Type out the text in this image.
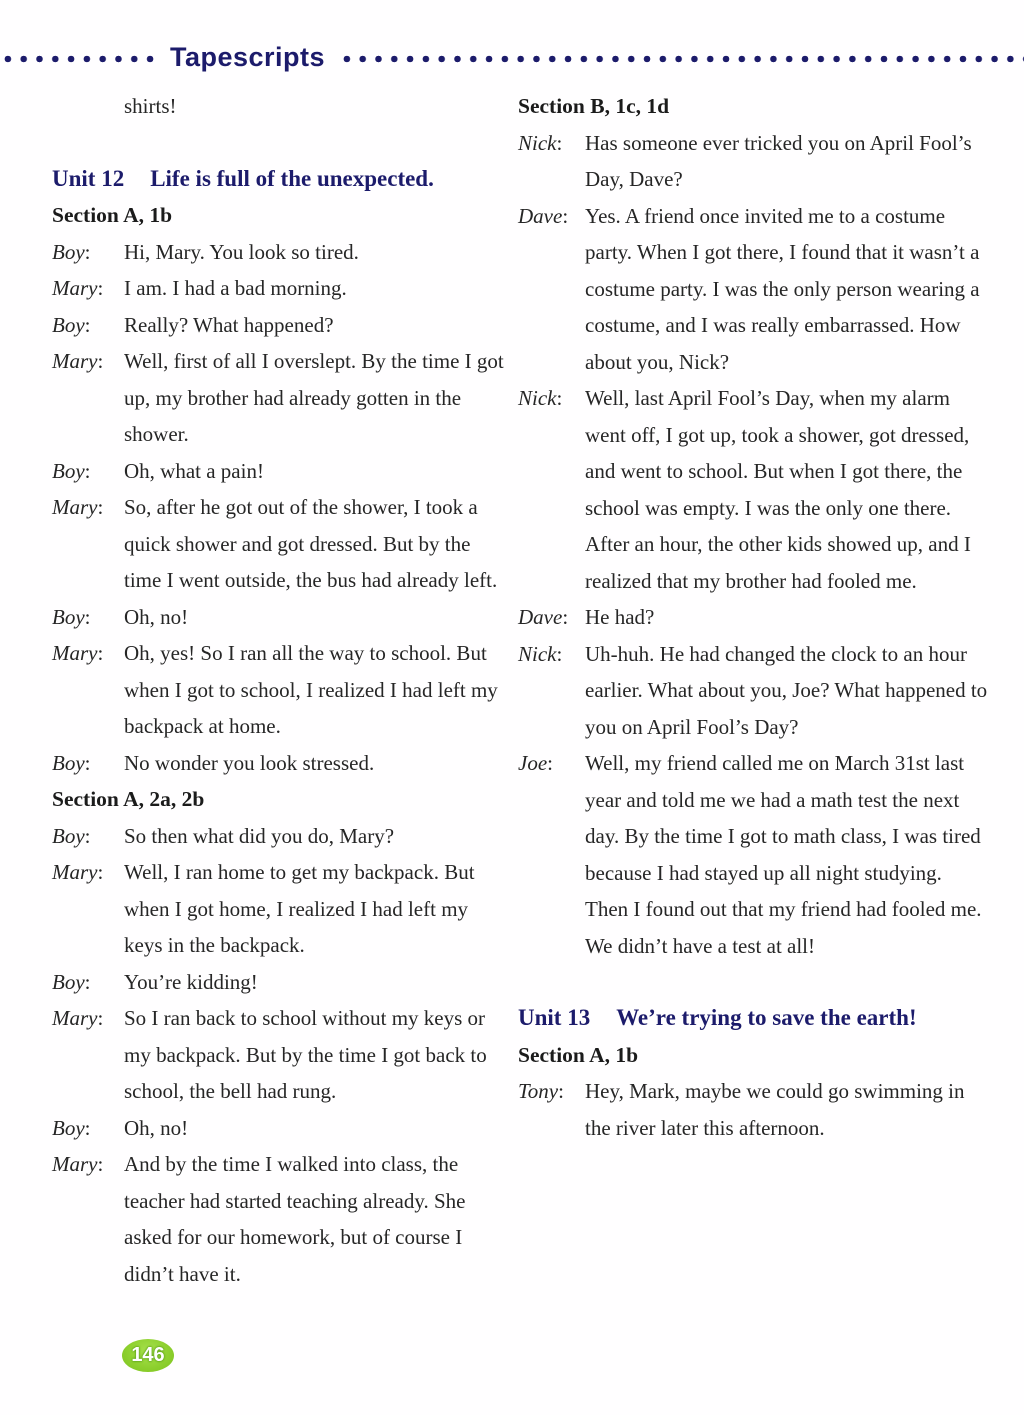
Tapescripts
shirts!
Unit 12 Life is full of the unexpected.
Section A, 1b
Boy:	Hi, Mary. You look so tired.
Mary: I am. I had a bad morning.
Boy:	Really? What happened?
Mary: Well, first of all I overslept. By the time I got up, my brother had already gotten in the shower.
Boy:	Oh, what a pain!
Mary: So, after he got out of the shower, I took a quick shower and got dressed. But by the time I went outside, the bus had already left.
Boy:	Oh, no!
Mary: Oh, yes! So I ran all the way to school. But when I got to school, I realized I had left my backpack at home.
Boy:	No wonder you look stressed.
Section A, 2a, 2b
Boy:	So then what did you do, Mary?
Mary: Well, I ran home to get my backpack. But when I got home, I realized I had left my keys in the backpack.
Boy:	You’re kidding!
Mary: So I ran back to school without my keys or my backpack. But by the time I got back to school, the bell had rung.
Boy:	Oh, no!
Mary: And by the time I walked into class, the teacher had started teaching already. She asked for our homework, but of course I didn’t have it.
Section B, 1c, 1d
Nick:	Has someone ever tricked you on April Fool’s Day, Dave?
Dave: Yes. A friend once invited me to a costume party. When I got there, I found that it wasn’t a costume party. I was the only person wearing a costume, and I was really embarrassed. How about you, Nick?
Nick:	Well, last April Fool’s Day, when my alarm went off, I got up, took a shower, got dressed, and went to school. But when I got there, the school was empty. I was the only one there. After an hour, the other kids showed up, and I realized that my brother had fooled me.
Dave: He had?
Nick:	Uh-huh. He had changed the clock to an hour earlier. What about you, Joe? What happened to you on April Fool’s Day?
Joe:	Well, my friend called me on March 31st last year and told me we had a math test the next day. By the time I got to math class, I was tired because I had stayed up all night studying. Then I found out that my friend had fooled me. We didn’t have a test at all!
Unit 13 We’re trying to save the earth!
Section A, 1b
Tony:	Hey, Mark, maybe we could go swimming in the river later this afternoon.
146
